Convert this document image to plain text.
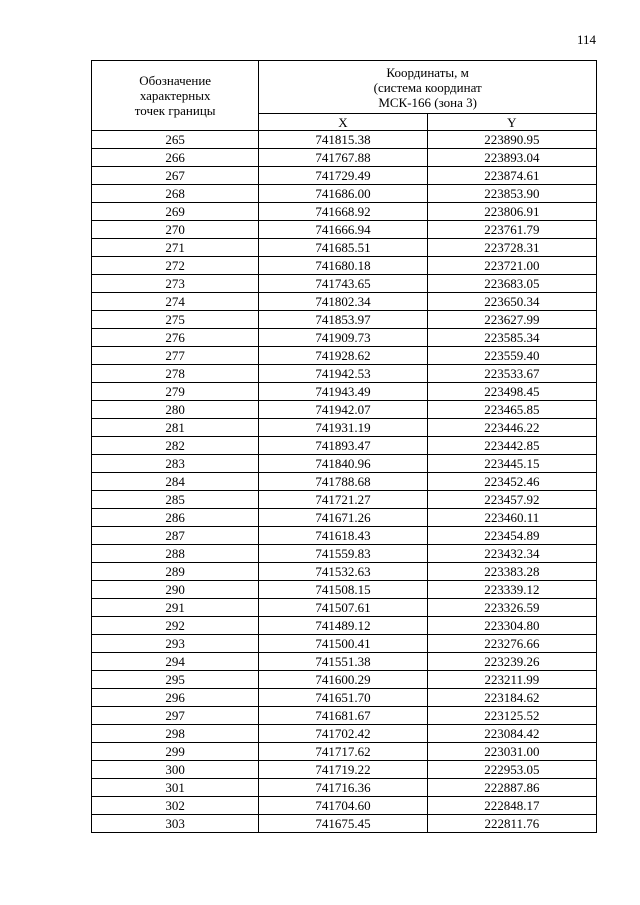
114
Обозначение
характерных
точек границы	Координаты, м
(система координат
МСК-166 (зона 3)	

	X	Y
265	741815.38	223890.95
266	741767.88	223893.04
267	741729.49	223874.61
268	741686.00	223853.90
269	741668.92	223806.91
270	741666.94	223761.79
271	741685.51	223728.31
272	741680.18	223721.00
273	741743.65	223683.05
274	741802.34	223650.34
275	741853.97	223627.99
276	741909.73	223585.34
277	741928.62	223559.40
278	741942.53	223533.67
279	741943.49	223498.45
280	741942.07	223465.85
281	741931.19	223446.22
282	741893.47	223442.85
283	741840.96	223445.15
284	741788.68	223452.46
285	741721.27	223457.92
286	741671.26	223460.11
287	741618.43	223454.89
288	741559.83	223432.34
289	741532.63	223383.28
290	741508.15	223339.12
291	741507.61	223326.59
292	741489.12	223304.80
293	741500.41	223276.66
294	741551.38	223239.26
295	741600.29	223211.99
296	741651.70	223184.62
297	741681.67	223125.52
298	741702.42	223084.42
299	741717.62	223031.00
300	741719.22	222953.05
301	741716.36	222887.86
302	741704.60	222848.17
303	741675.45	222811.76
